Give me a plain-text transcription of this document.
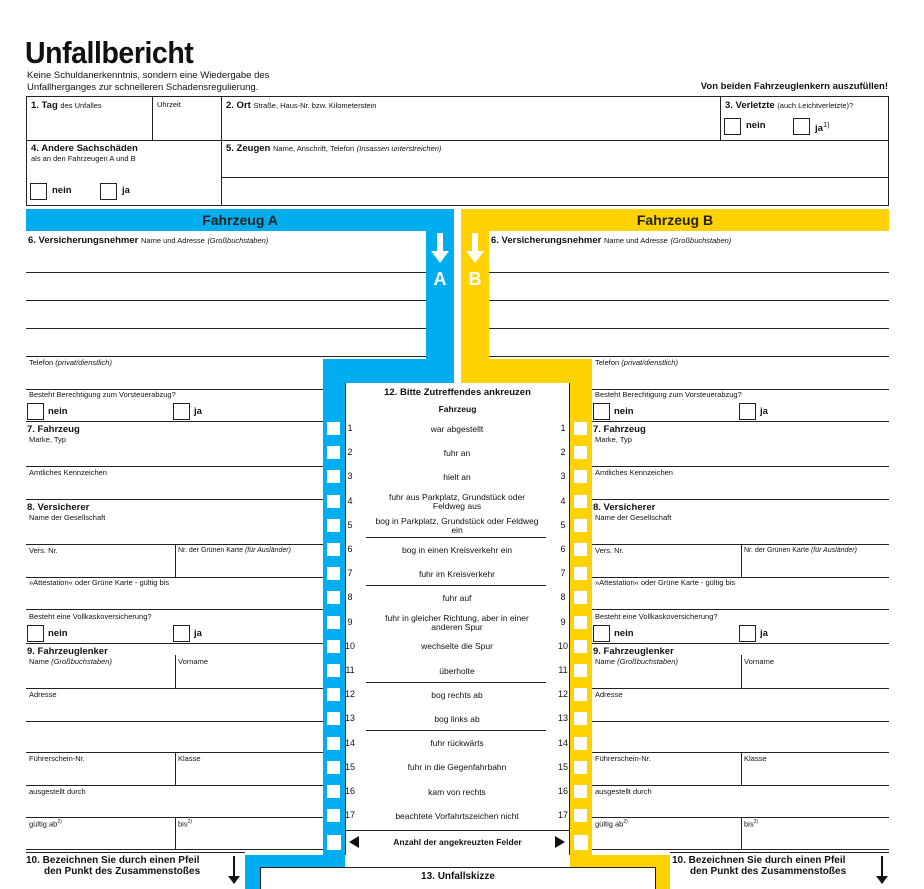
Unfallbericht
Keine Schuldanerkenntnis, sondern eine Wiedergabe des
Unfallherganges zur schnelleren Schadensregulierung.	Von beiden Fahrzeuglenkern auszufüllen!
1. Tag des Unfalles	Uhrzeit	2. Ort Straße, Haus-Nr. bzw. Kilometerstein	3. Verletzte (auch Leichtverletzte)?
nein	$ja^{1)}$
4. Andere Sachschäden
als an den Fahrzeugen A und B
nein	ja
5. Zeugen Name, Anschrift, Telefon (Insassen unterstreichen)
Fahrzeug A	Fahrzeug B
A	B
6. Versicherungsnehmer Name und Adresse (Großbuchstaben)
Telefon (privat/dienstlich)
Besteht Berechtigung zum Vorsteuerabzug?
nein	ja
7. Fahrzeug
Marke, Typ
Amtliches Kennzeichen
8. Versicherer
Name der Gesellschaft
Vers. Nr.	Nr. der Grünen Karte (für Ausländer)
»Attestation« oder Grüne Karte - gültig bis
Besteht eine Vollkaskoversicherung?
nein	ja
9. Fahrzeuglenker
Name (Großbuchstaben)	Vorname
Adresse
Führerschein-Nr.	Klasse
ausgestellt durch
gültig $ab^{2)}$	bis$^{2)}$
6. Versicherungsnehmer Name und Adresse (Großbuchstaben)
Telefon (privat/dienstlich)
Besteht Berechtigung zum Vorsteuerabzug?
nein	ja
7. Fahrzeug
Marke, Typ
Amtliches Kennzeichen
8. Versicherer
Name der Gesellschaft
Vers. Nr.	Nr. der Grünen Karte (für Ausländer)
»Attestation« oder Grüne Karte - gültig bis
Besteht eine Vollkaskoversicherung?
nein	ja
9. Fahrzeuglenker
Name (Großbuchstaben)	Vorname
Adresse
Führerschein-Nr.	Klasse
ausgestellt durch
gültig $ab^{2)}$	bis$^{2)}$
12. Bitte Zutreffendes ankreuzen
Fahrzeug
1	1
war abgestellt
2	2
fuhr an
3	3
hielt an
4	4
fuhr aus Parkplatz, Grundstück oder Feldweg aus
5	5
bog in Parkplatz, Grundstück oder Feldweg ein
6	6
bog in einen Kreisverkehr ein
7	7
fuhr im Kreisverkehr
8	8
fuhr auf
9	9
fuhr in gleicher Richtung, aber in einer anderen Spur
10	10
wechselte die Spur
11	11
überholte
12	12
bog rechts ab
13	13
bog links ab
14	14
fuhr rückwärts
15	15
fuhr in die Gegenfahrbahn
16	16
kam von rechts
17	17
beachtete Vorfahrtszeichen nicht
Anzahl der angekreuzten Felder
10. Bezeichnen Sie durch einen Pfeil
den Punkt des Zusammenstoßes
10. Bezeichnen Sie durch einen Pfeil
den Punkt des Zusammenstoßes
13. Unfallskizze
